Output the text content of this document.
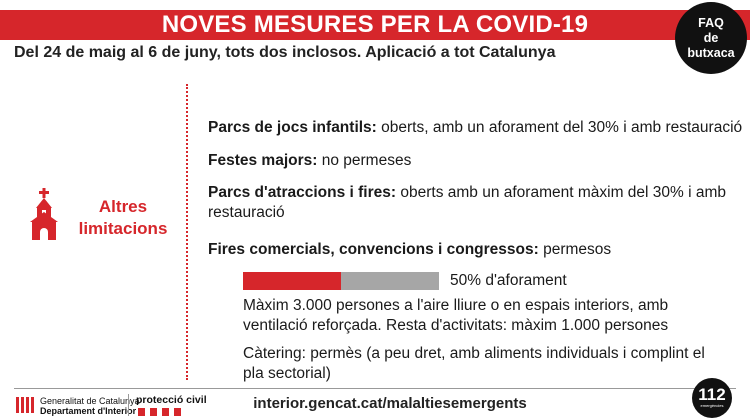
NOVES MESURES PER LA COVID-19
Del 24 de maig al 6 de juny, tots dos inclosos. Aplicació a tot Catalunya
FAQ
de
butxaca
Altres
limitacions
Parcs de jocs infantils: oberts, amb un aforament del 30% i amb restauració
Festes majors: no permeses
Parcs d'atraccions i fires: oberts amb un aforament màxim del 30% i amb restauració
Fires comercials, convencions i congressos: permesos
50% d'aforament
Màxim 3.000 persones a l'aire lliure o en espais interiors, amb ventilació reforçada. Resta d'activitats: màxim 1.000 persones
Càtering: permès (a peu dret, amb aliments individuals i complint el pla sectorial)
Generalitat de Catalunya
Departament d'Interior
protecció civil	interior.gencat.cat/malaltiesemergents	112
emergències
